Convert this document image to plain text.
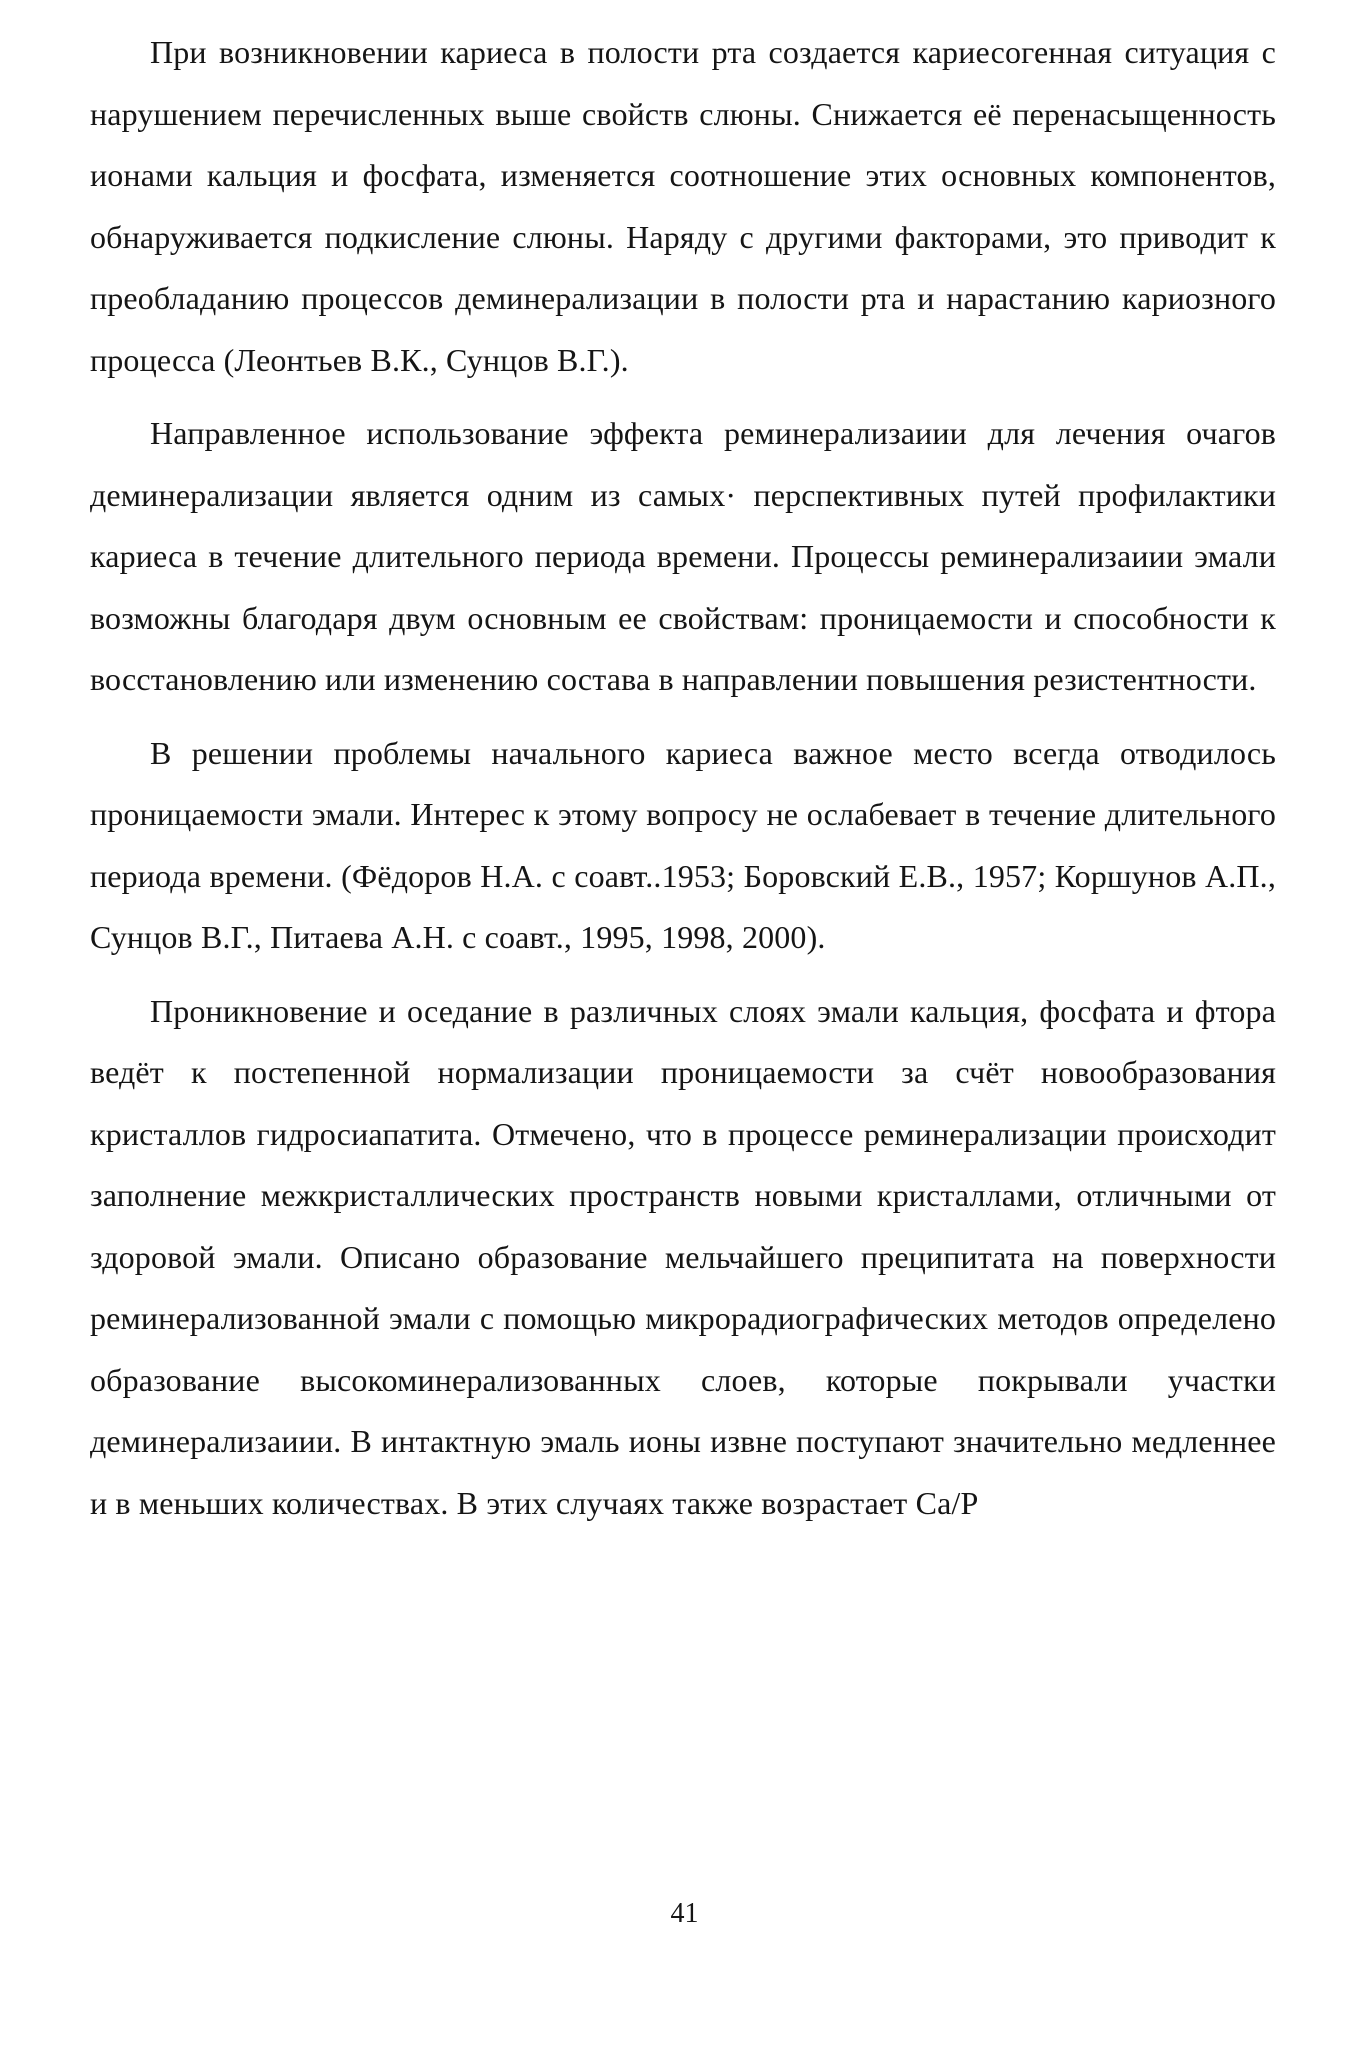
При возникновении кариеса в полости рта создается кариесогенная ситуация с нарушением перечисленных выше свойств слюны. Снижается её перенасыщенность ионами кальция и фосфата, изменяется соотношение этих основных компонентов, обнаруживается подкисление слюны. Наряду с другими факторами, это приводит к преобладанию процессов деминерализации в полости рта и нарастанию кариозного процесса (Леонтьев В.К., Сунцов В.Г.).

Направленное использование эффекта реминерализаиии для лечения очагов деминерализации является одним из самых· перспективных путей профилактики кариеса в течение длительного периода времени. Процессы реминерализаиии эмали возможны благодаря двум основным ее свойствам: проницаемости и способности к восстановлению или изменению состава в направлении повышения резистентности.

В решении проблемы начального кариеса важное место всегда отводилось проницаемости эмали. Интерес к этому вопросу не ослабевает в течение длительного периода времени. (Фёдоров Н.А. с соавт..1953; Боровский Е.В., 1957; Коршунов А.П., Сунцов В.Г., Питаева А.Н. с соавт., 1995, 1998, 2000).

Проникновение и оседание в различных слоях эмали кальция, фосфата и фтора ведёт к постепенной нормализации проницаемости за счёт новообразования кристаллов гидросиапатита. Отмечено, что в процессе реминерализации происходит заполнение межкристаллических пространств новыми кристаллами, отличными от здоровой эмали. Описано образование мельчайшего преципитата на поверхности реминерализованной эмали с помощью микрорадиографических методов определено образование высокоминерализованных слоев, которые покрывали участки деминерализаиии. В интактную эмаль ионы извне поступают значительно медленнее и в меньших количествах. В этих случаях также возрастает Са/Р

41
